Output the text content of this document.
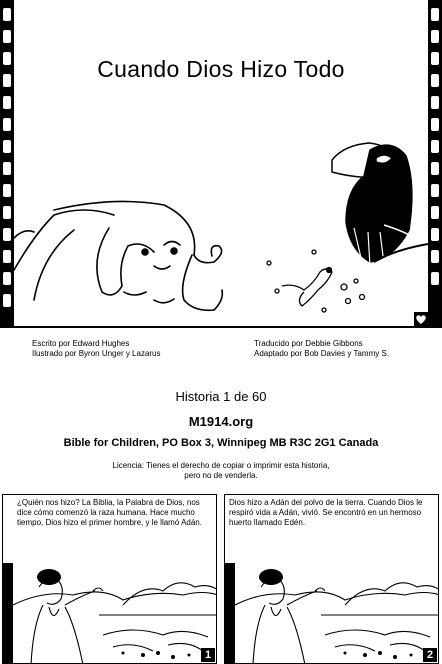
Cuando Dios Hizo Todo
Escrito por Edward Hughes
Ilustrado por Byron Unger y Lazarus
Traducido por Debbie Gibbons
Adaptado por Bob Davies y Tammy S.
Historia 1 de 60
M1914.org
Bible for Children, PO Box 3, Winnipeg MB R3C 2G1 Canada
Licencia: Tienes el derecho de copiar o imprimir esta historia,
pero no de venderla.
¿Quién nos hizo? La Biblia, la Palabra de Dios, nos dice cómo comenzó la raza humana. Hace mucho tiempo, Dios hizo el primer hombre, y le llamó Adán.
1
Dios hizo a Adán del polvo de la tierra. Cuando Dios le respiró vida a Adán, vivió. Se encontró en un hermoso huerto llamado Edén.
2
